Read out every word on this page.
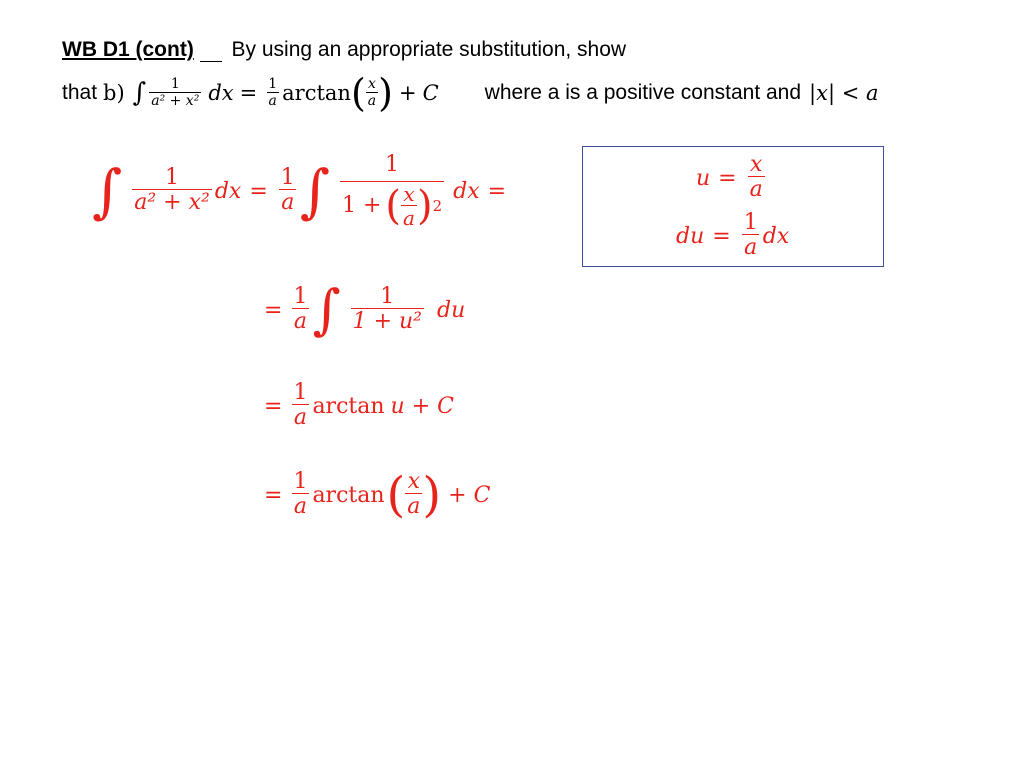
WB D1 (cont) By using an appropriate substitution, show
that b) ∫ $\frac{1}{\text{a² + x²}}$ dx = $\frac{1}{a}$ arctan ( $\frac{x}{a}$ ) + C where a is a positive constant and |x| < a
∫ $\frac{1}{\text{a² + x²}}$ dx = $\frac{1}{a}$ ∫	1
1 + ( $\frac{x}{a}$ ) 2
dx =
$u = \frac{x}{a}$
du = $\frac{1}{a}$ dx
= $\frac{1}{a}$ ∫ $\frac{1}{\text{1 + u²}}$ du
= $\frac{1}{a}$ arctan u + C
= $\frac{1}{a}$ arctan ( $\frac{x}{a}$ ) + C
